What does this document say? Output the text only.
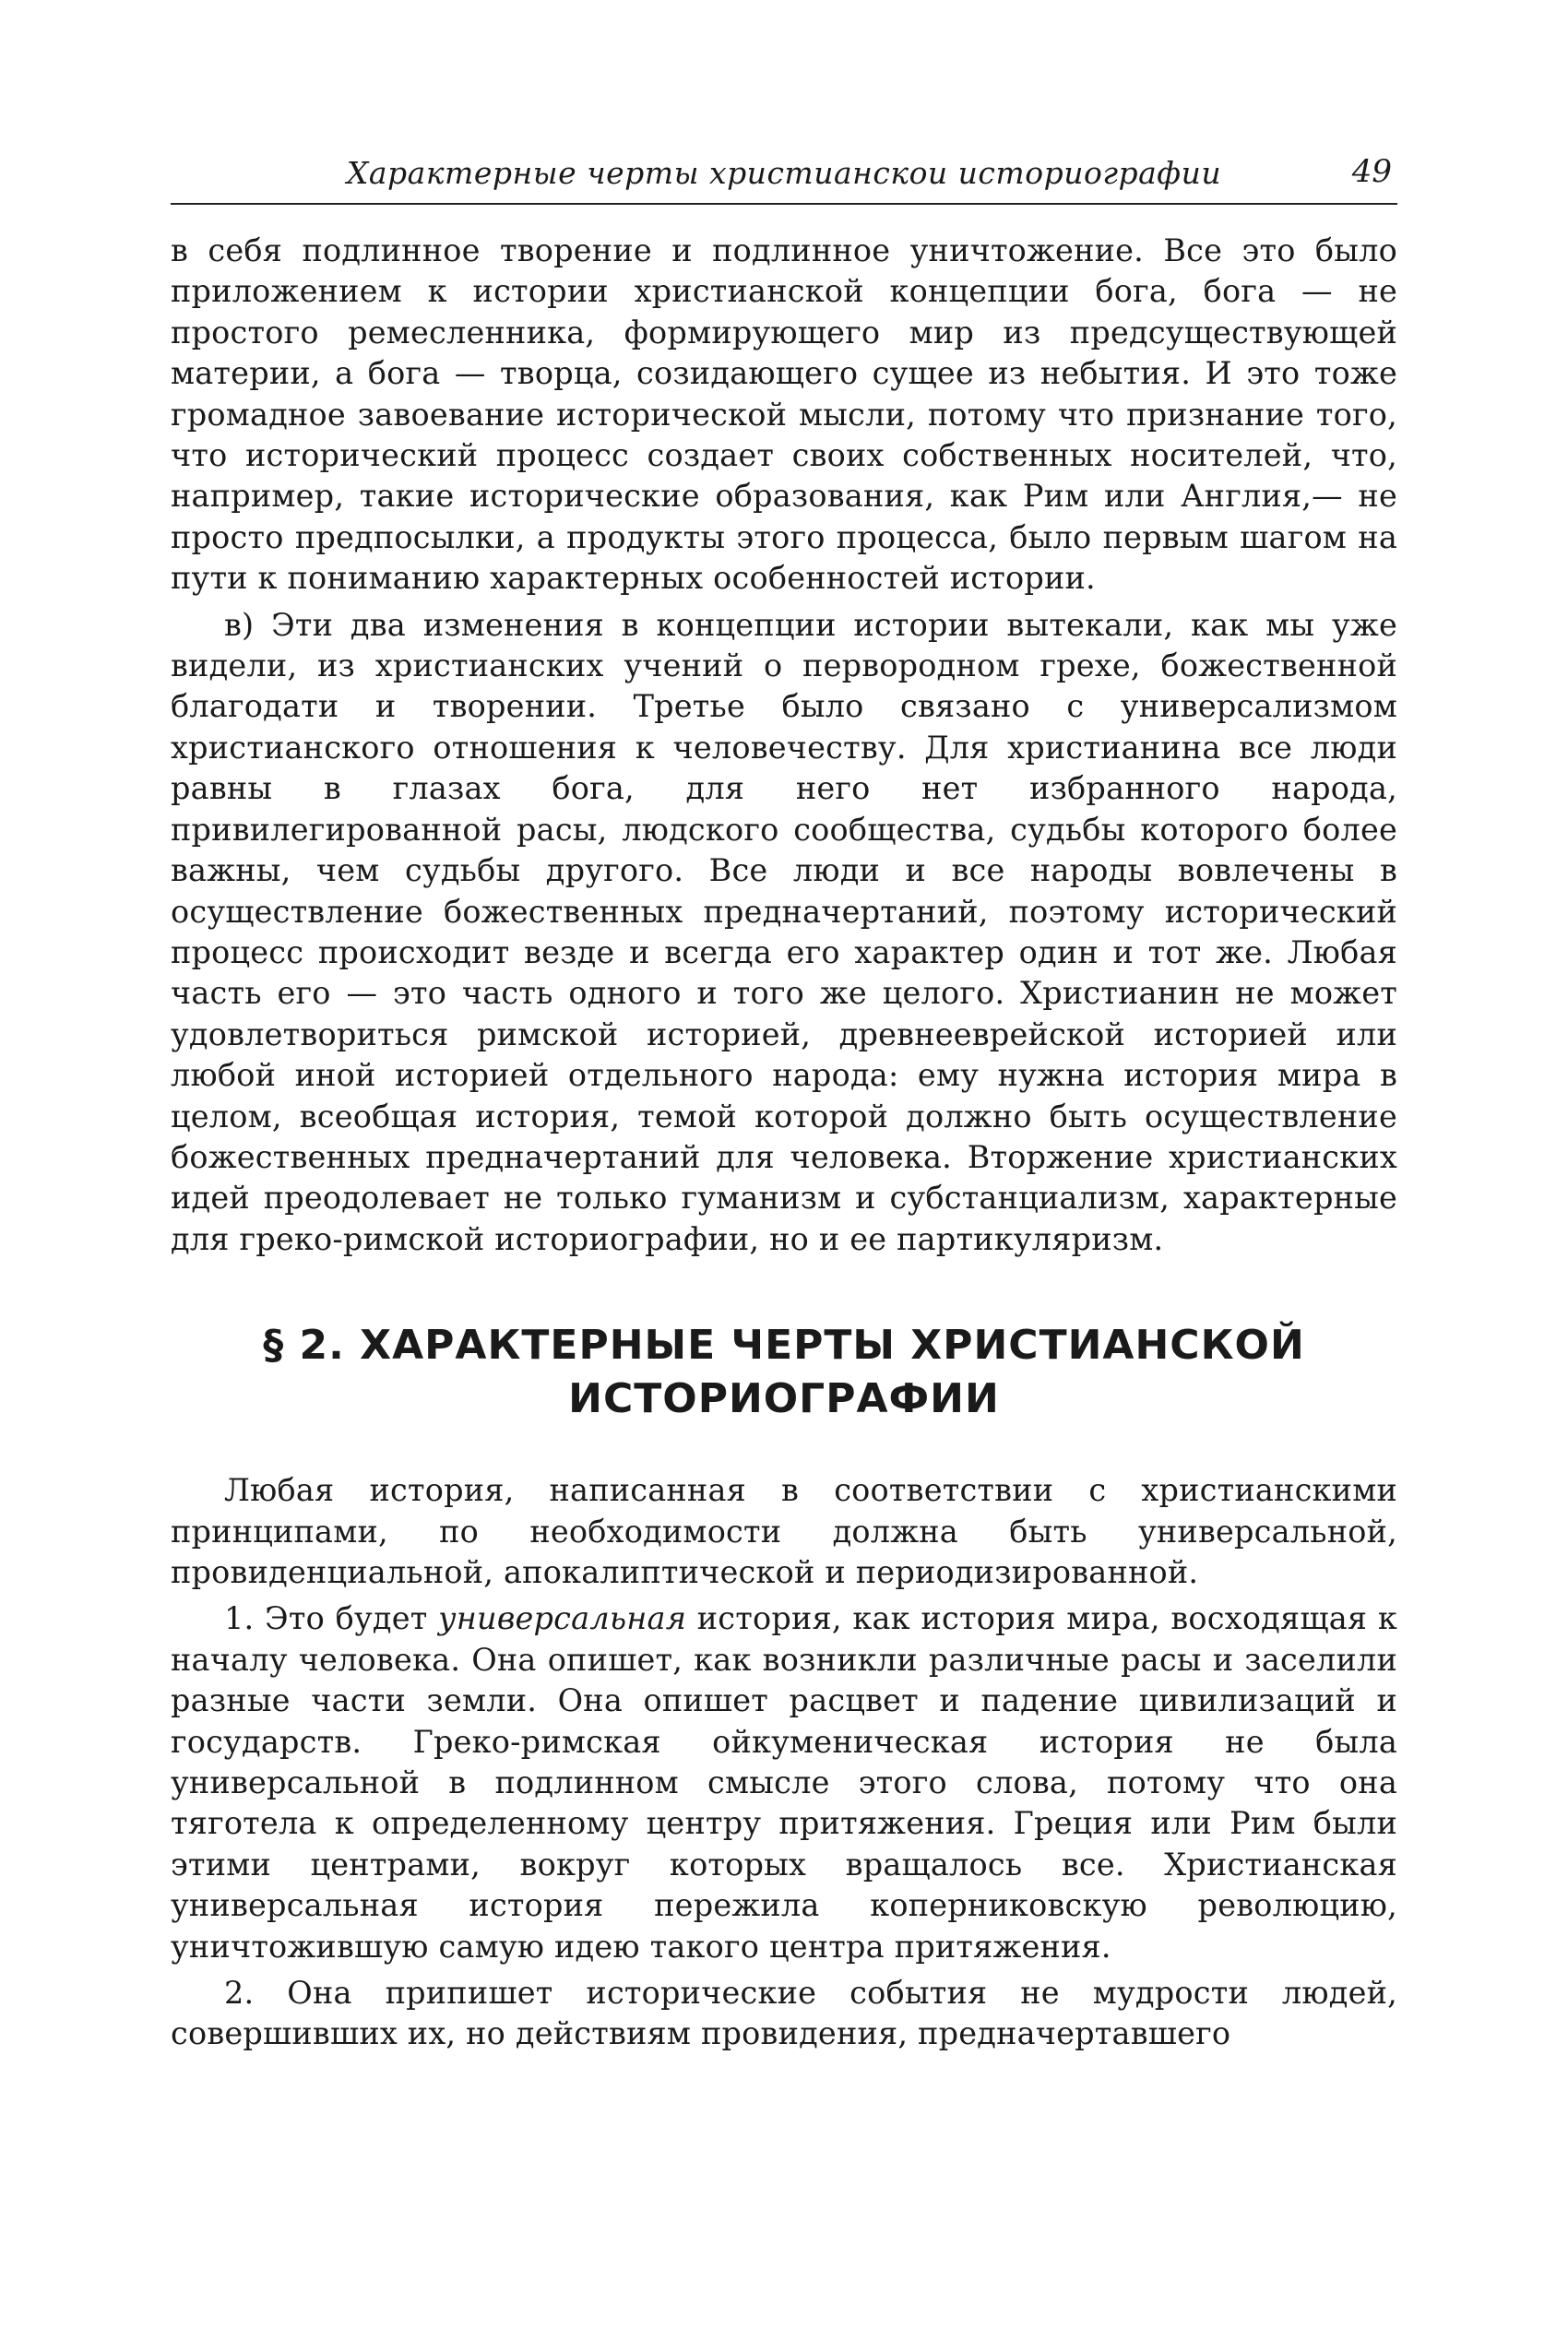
Характерные черты христианскои историографии	49

в себя подлинное творение и подлинное уничтожение. Все это было приложением к истории христианской концепции бога, бога — не простого ремесленника, формирующего мир из предсуществующей материи, а бога — творца, созидающего сущее из небытия. И это тоже громадное завоевание исторической мысли, потому что признание того, что исторический процесс создает своих собственных носителей, что, например, такие исторические образования, как Рим или Англия,— не просто предпосылки, а продукты этого процесса, было первым шагом на пути к пониманию характерных особенностей истории.

в) Эти два изменения в концепции истории вытекали, как мы уже видели, из христианских учений о первородном грехе, божественной благодати и творении. Третье было связано с универсализмом христианского отношения к человечеству. Для христианина все люди равны в глазах бога, для него нет избранного народа, привилегированной расы, людского сообщества, судьбы которого более важны, чем судьбы другого. Все люди и все народы вовлечены в осуществление божественных предначертаний, поэтому исторический процесс происходит везде и всегда его характер один и тот же. Любая часть его — это часть одного и того же целого. Христианин не может удовлетвориться римской историей, древнееврейской историей или любой иной историей отдельного народа: ему нужна история мира в целом, всеобщая история, темой которой должно быть осуществление божественных предначертаний для человека. Вторжение христианских идей преодолевает не только гуманизм и субстанциализм, характерные для греко-римской историографии, но и ее партикуляризм.

§ 2. ХАРАКТЕРНЫЕ ЧЕРТЫ ХРИСТИАНСКОЙ
ИСТОРИОГРАФИИ

Любая история, написанная в соответствии с христианскими принципами, по необходимости должна быть универсальной, провиденциальной, апокалиптической и периодизированной.

1. Это будет универсальная история, как история мира, восходящая к началу человека. Она опишет, как возникли различные расы и заселили разные части земли. Она опишет расцвет и падение цивилизаций и государств. Греко-римская ойкуменическая история не была универсальной в подлинном смысле этого слова, потому что она тяготела к определенному центру притяжения. Греция или Рим были этими центрами, вокруг которых вращалось все. Христианская универсальная история пережила коперниковскую революцию, уничтожившую самую идею такого центра притяжения.

2. Она припишет исторические события не мудрости людей, совершивших их, но действиям провидения, предначертавшего
